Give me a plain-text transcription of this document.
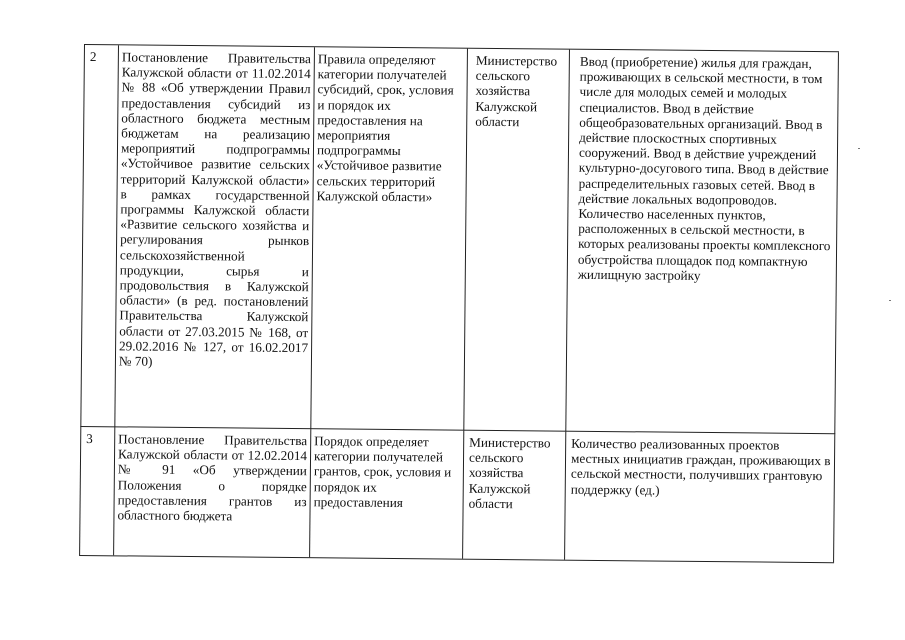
2	Постановление Правительства Калужской области от 11.02.2014 № 88 «Об утверждении Правил предоставления субсидий из областного бюджета местным бюджетам на реализацию мероприятий подпрограммы «Устойчивое развитие сельских территорий Калужской области» в рамках государственной программы Калужской области «Развитие сельского хозяйства и регулирования рынков сельскохозяйственной продукции, сырья и продовольствия в Калужской области» (в ред. постановлений Правительства Калужской области от 27.03.2015 № 168, от 29.02.2016 № 127, от 16.02.2017 № 70)
Правила определяют категории получателей субсидий, срок, условия и порядок их предоставления на мероприятия подпрограммы «Устойчивое развитие сельских территорий Калужской области»
Министерство сельского хозяйства Калужской области
Ввод (приобретение) жилья для граждан, проживающих в сельской местности, в том числе для молодых семей и молодых специалистов. Ввод в действие общеобразовательных организаций. Ввод в действие плоскостных спортивных сооружений. Ввод в действие учреждений культурно-досугового типа. Ввод в действие распределительных газовых сетей. Ввод в действие локальных водопроводов. Количество населенных пунктов, расположенных в сельской местности, в которых реализованы проекты комплексного обустройства площадок под компактную жилищную застройку
3	Постановление Правительства Калужской области от 12.02.2014 № 91 «Об утверждении Положения о порядке предоставления грантов из областного бюджета
Порядок определяет категории получателей грантов, срок, условия и порядок их предоставления
Министерство сельского хозяйства Калужской области
Количество реализованных проектов местных инициатив граждан, проживающих в сельской местности, получивших грантовую поддержку (ед.)
